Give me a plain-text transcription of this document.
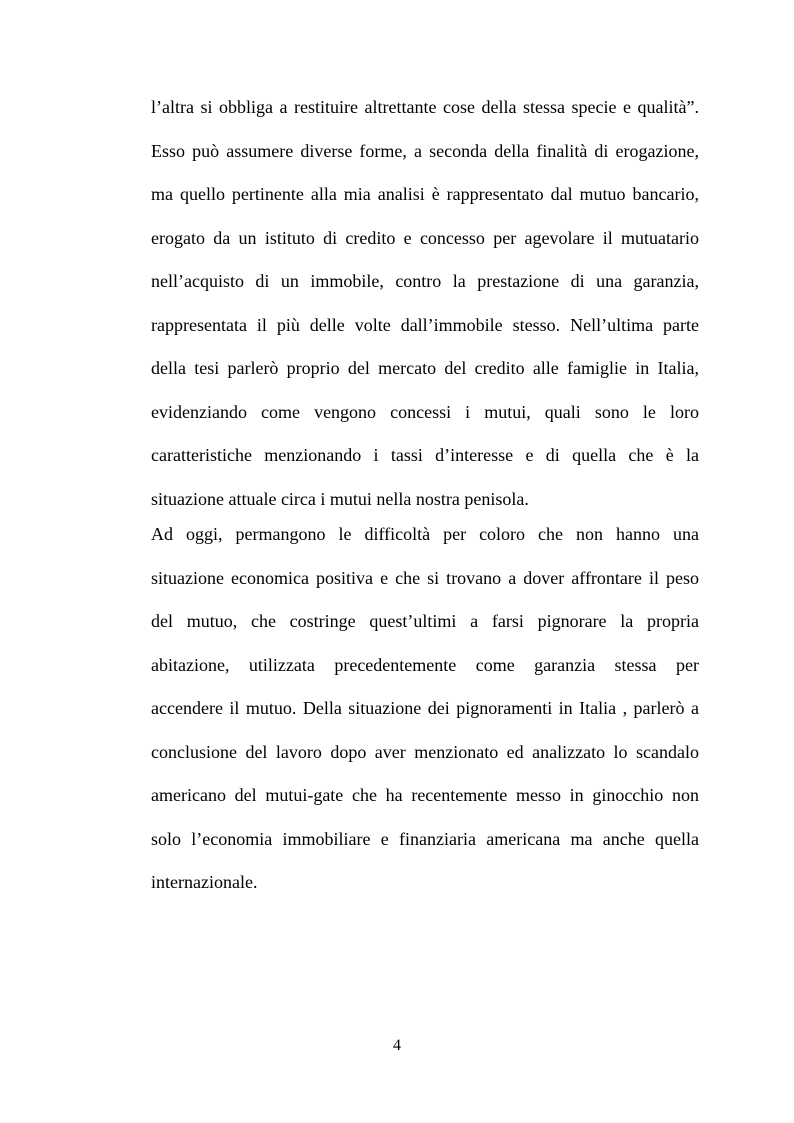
l’altra si obbliga a restituire altrettante cose della stessa specie e qualità”.
Esso può assumere diverse forme, a seconda della finalità di erogazione,
ma quello pertinente alla mia analisi è rappresentato dal mutuo bancario,
erogato da un istituto di credito e concesso per agevolare il mutuatario
nell’acquisto di un immobile, contro la prestazione di una garanzia,
rappresentata il più delle volte dall’immobile stesso. Nell’ultima parte
della tesi parlerò proprio del mercato del credito alle famiglie in Italia,
evidenziando come vengono concessi i mutui, quali sono le loro
caratteristiche menzionando i tassi d’interesse e di quella che è la
situazione attuale circa i mutui nella nostra penisola.
Ad oggi, permangono le difficoltà per coloro che non hanno una
situazione economica positiva e che si trovano a dover affrontare il peso
del mutuo, che costringe quest’ultimi a farsi pignorare la propria
abitazione, utilizzata precedentemente come garanzia stessa per
accendere il mutuo. Della situazione dei pignoramenti in Italia , parlerò a
conclusione del lavoro dopo aver menzionato ed analizzato lo scandalo
americano del mutui-gate che ha recentemente messo in ginocchio non
solo l’economia immobiliare e finanziaria americana ma anche quella
internazionale.
4
